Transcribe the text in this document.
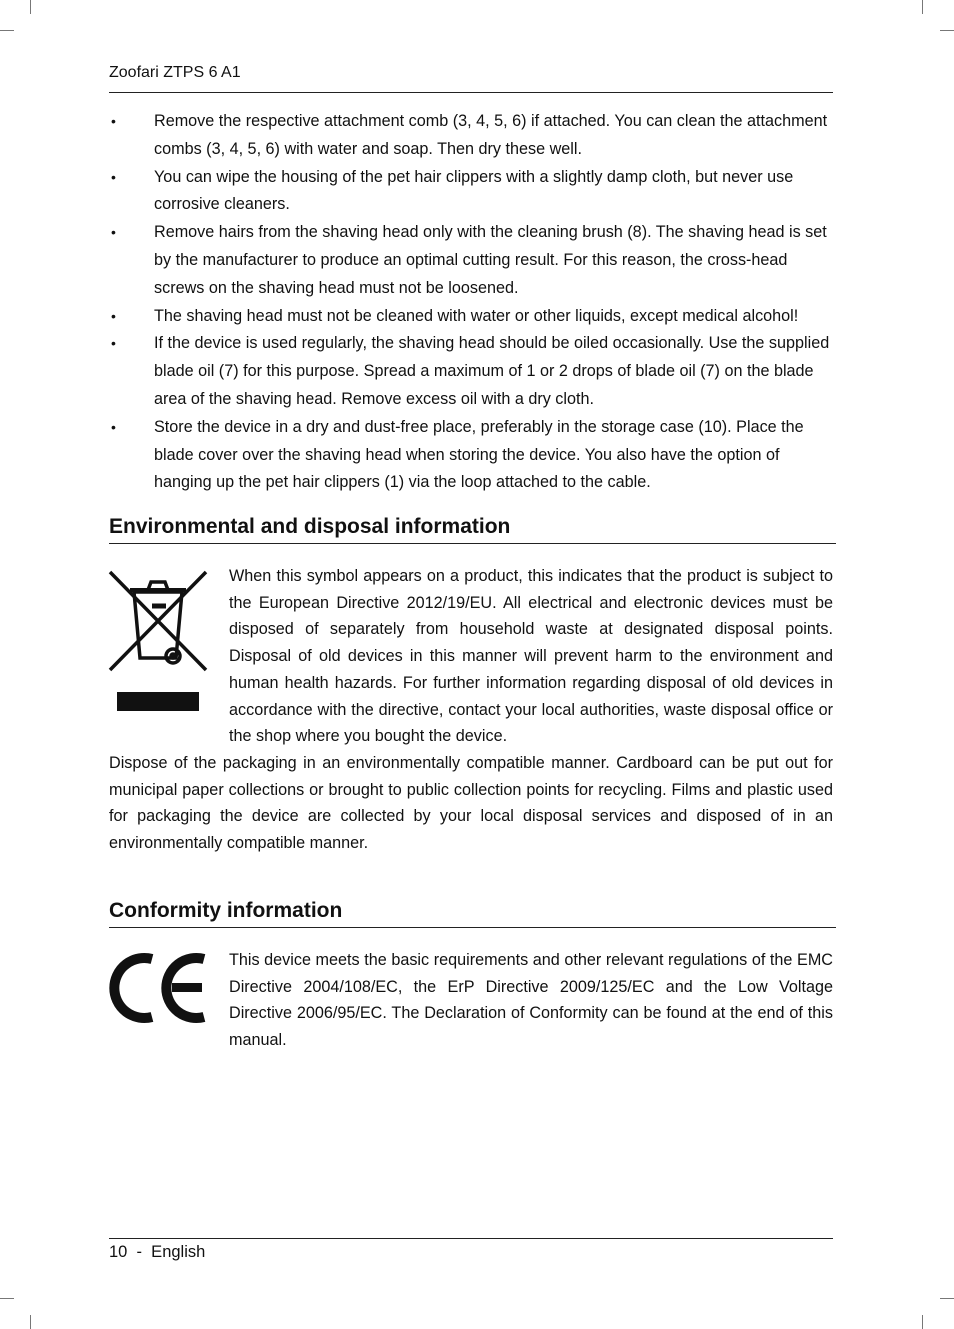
Zoofari ZTPS 6 A1
• Remove the respective attachment comb (3, 4, 5, 6) if attached. You can clean the attachment combs (3, 4, 5, 6) with water and soap. Then dry these well.
• You can wipe the housing of the pet hair clippers with a slightly damp cloth, but never use corrosive cleaners.
• Remove hairs from the shaving head only with the cleaning brush (8). The shaving head is set by the manufacturer to produce an optimal cutting result. For this reason, the cross-head screws on the shaving head must not be loosened.
• The shaving head must not be cleaned with water or other liquids, except medical alcohol!
• If the device is used regularly, the shaving head should be oiled occasionally. Use the supplied blade oil (7) for this purpose. Spread a maximum of 1 or 2 drops of blade oil (7) on the blade area of the shaving head. Remove excess oil with a dry cloth.
• Store the device in a dry and dust-free place, preferably in the storage case (10). Place the blade cover over the shaving head when storing the device. You also have the option of hanging up the pet hair clippers (1) via the loop attached to the cable.
Environmental and disposal information

When this symbol appears on a product, this indicates that the product is subject to the European Directive 2012/19/EU. All electrical and electronic devices must be disposed of separately from household waste at designated disposal points. Disposal of old devices in this manner will prevent harm to the environment and human health hazards. For further information regarding disposal of old devices in accordance with the directive, contact your local authorities, waste disposal office or the shop where you bought the device.

Dispose of the packaging in an environmentally compatible manner. Cardboard can be put out for municipal paper collections or brought to public collection points for recycling. Films and plastic used for packaging the device are collected by your local disposal services and disposed of in an environmentally compatible manner.

Conformity information

This device meets the basic requirements and other relevant regulations of the EMC Directive 2004/108/EC, the ErP Directive 2009/125/EC and the Low Voltage Directive 2006/95/EC. The Declaration of Conformity can be found at the end of this manual.

10  -  English
